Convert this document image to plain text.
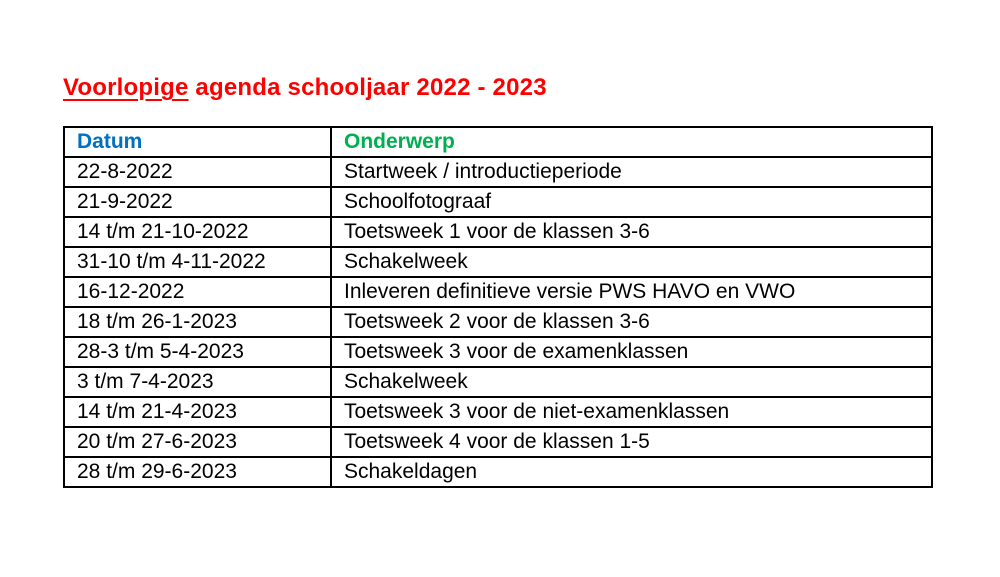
Voorlopige agenda schooljaar 2022 - 2023
Datum	Onderwerp
22-8-2022	Startweek / introductieperiode
21-9-2022	Schoolfotograaf
14 t/m 21-10-2022	Toetsweek 1 voor de klassen 3-6
31-10 t/m 4-11-2022	Schakelweek
16-12-2022	Inleveren definitieve versie PWS HAVO en VWO
18 t/m 26-1-2023	Toetsweek 2 voor de klassen 3-6
28-3 t/m 5-4-2023	Toetsweek 3 voor de examenklassen
3 t/m 7-4-2023	Schakelweek
14 t/m 21-4-2023	Toetsweek 3 voor de niet-examenklassen
20 t/m 27-6-2023	Toetsweek 4 voor de klassen 1-5
28 t/m 29-6-2023	Schakeldagen
